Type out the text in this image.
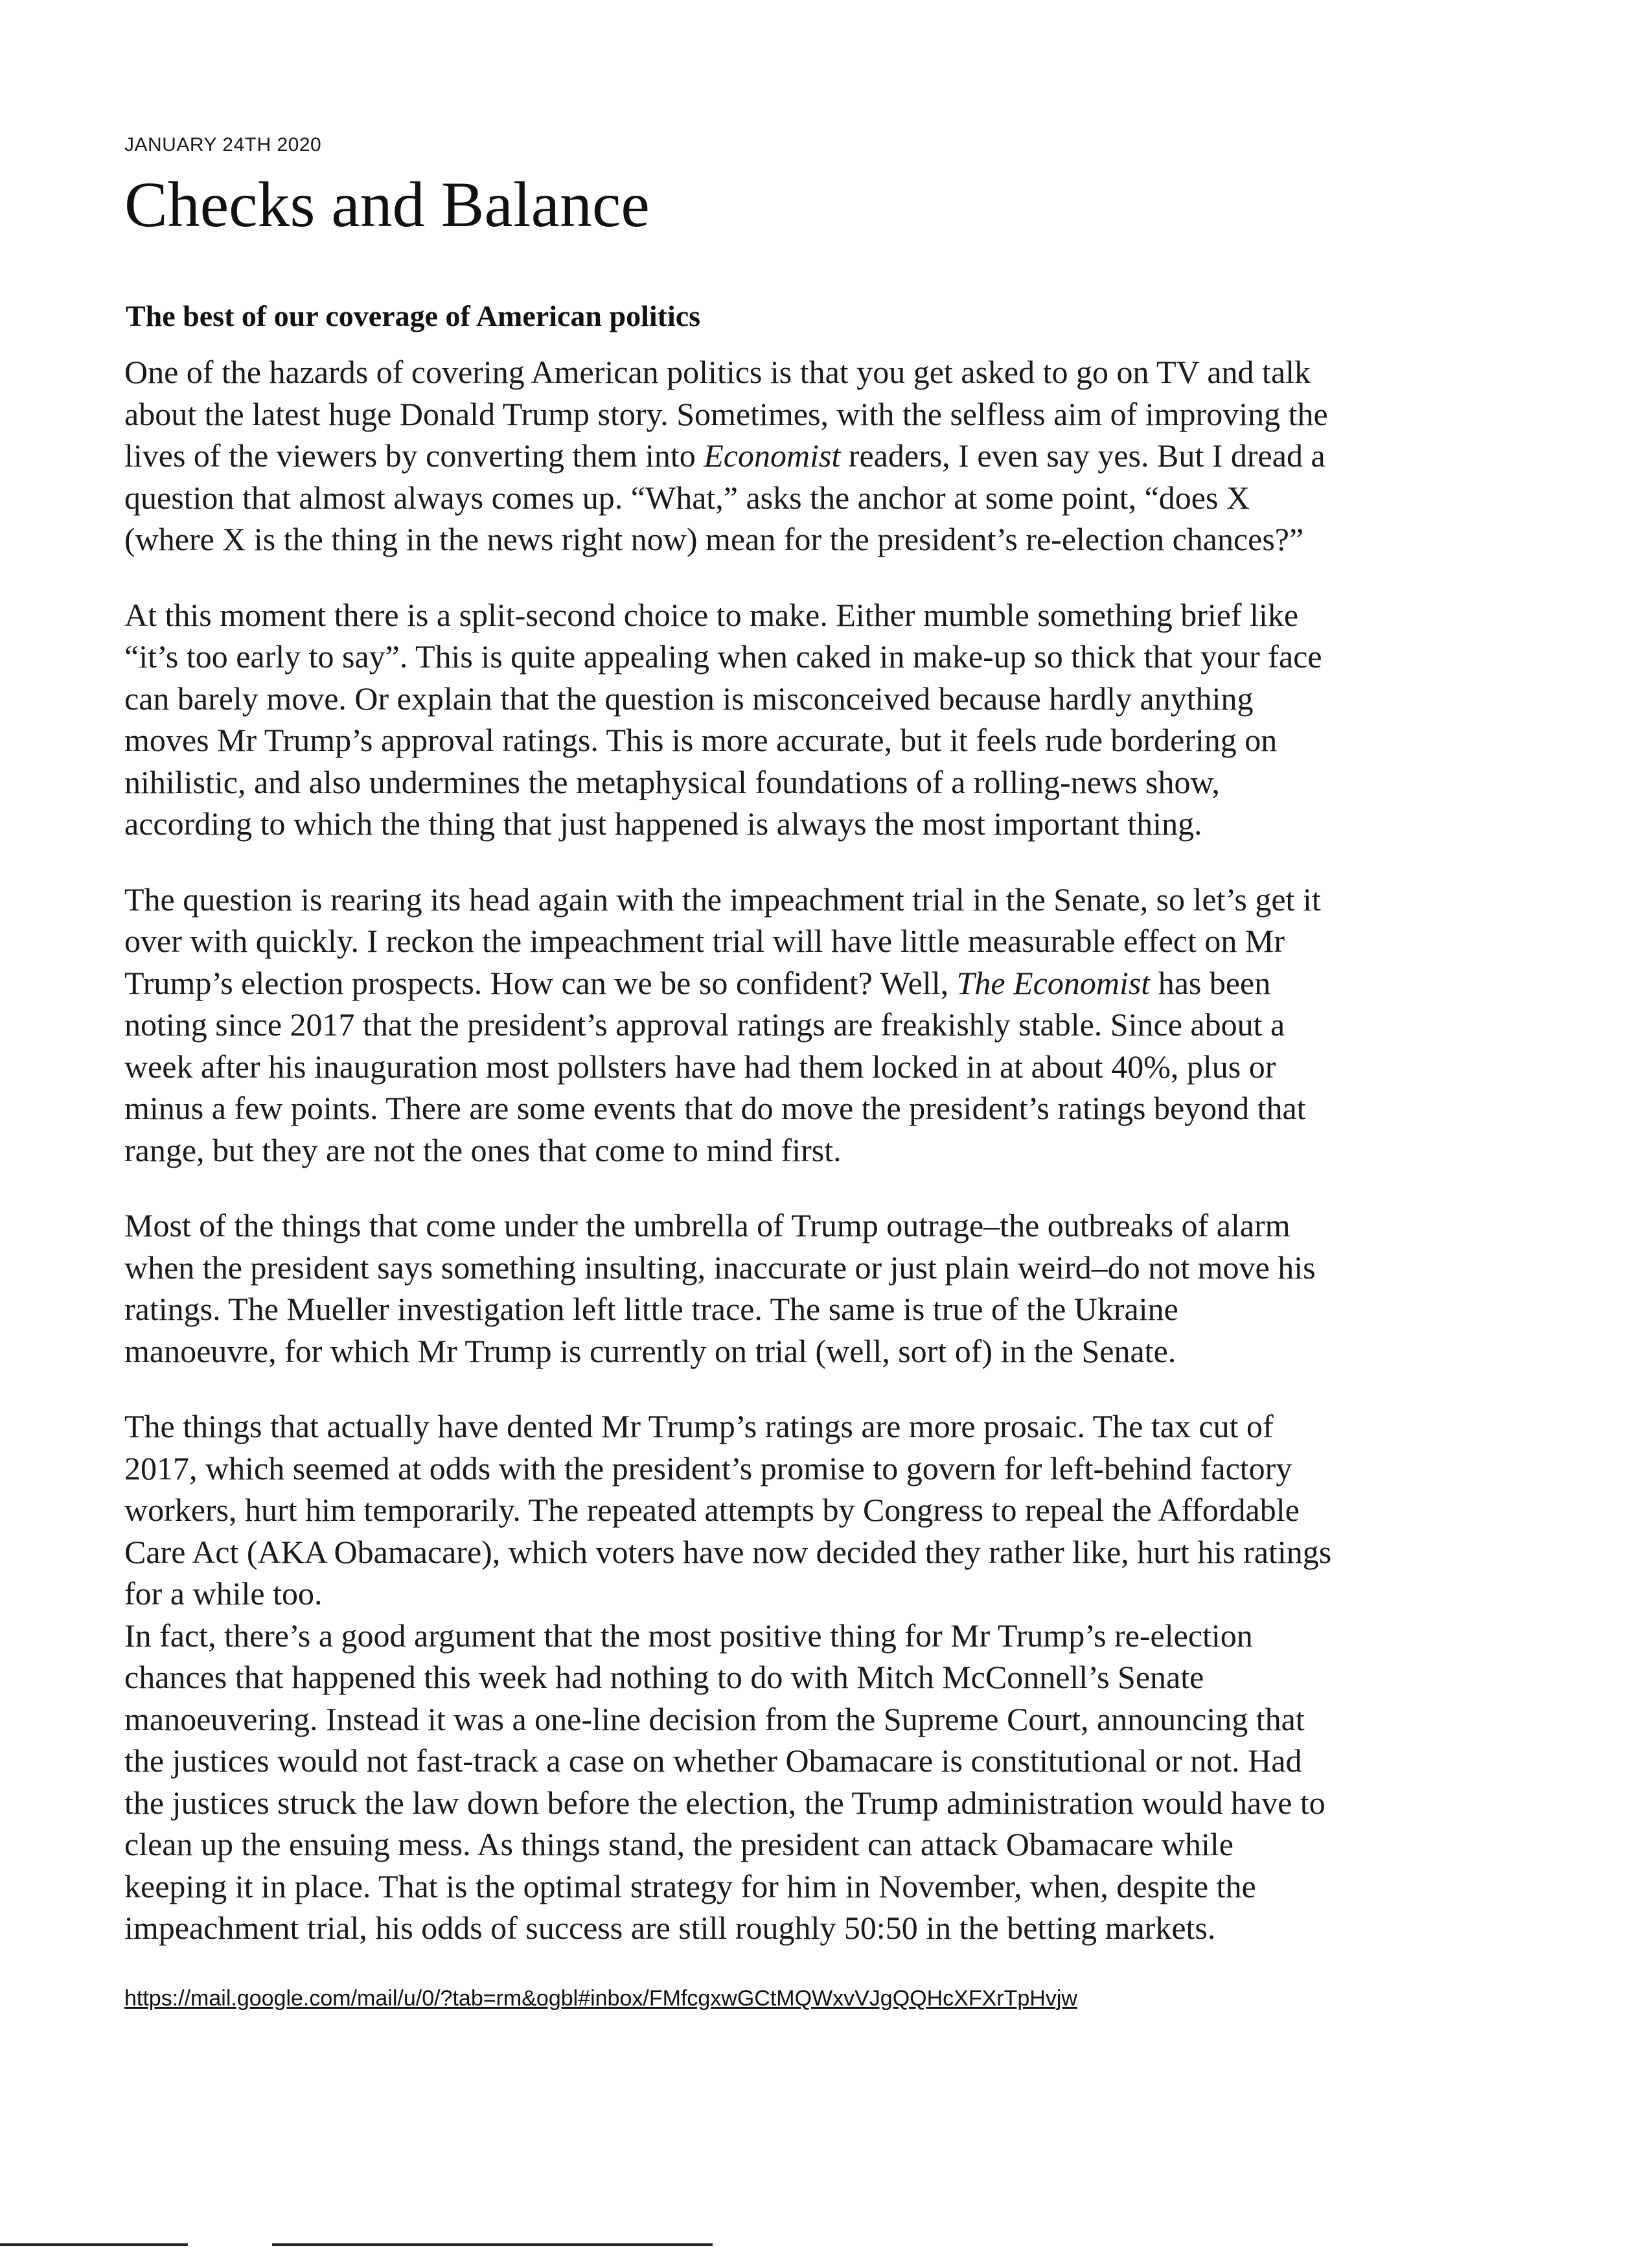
JANUARY 24TH 2020

Checks and Balance
The best of our coverage of American politics

One of the hazards of covering American politics is that you get asked to go on TV and talk
about the latest huge Donald Trump story. Sometimes, with the selfless aim of improving the
lives of the viewers by converting them into Economist readers, I even say yes. But I dread a
question that almost always comes up. “What,” asks the anchor at some point, “does X
(where X is the thing in the news right now) mean for the president’s re-election chances?”

At this moment there is a split-second choice to make. Either mumble something brief like
“it’s too early to say”. This is quite appealing when caked in make-up so thick that your face
can barely move. Or explain that the question is misconceived because hardly anything
moves Mr Trump’s approval ratings. This is more accurate, but it feels rude bordering on
nihilistic, and also undermines the metaphysical foundations of a rolling-news show,
according to which the thing that just happened is always the most important thing.

The question is rearing its head again with the impeachment trial in the Senate, so let’s get it
over with quickly. I reckon the impeachment trial will have little measurable effect on Mr
Trump’s election prospects. How can we be so confident? Well, The Economist has been
noting since 2017 that the president’s approval ratings are freakishly stable. Since about a
week after his inauguration most pollsters have had them locked in at about 40%, plus or
minus a few points. There are some events that do move the president’s ratings beyond that
range, but they are not the ones that come to mind first.

Most of the things that come under the umbrella of Trump outrage–the outbreaks of alarm
when the president says something insulting, inaccurate or just plain weird–do not move his
ratings. The Mueller investigation left little trace. The same is true of the Ukraine
manoeuvre, for which Mr Trump is currently on trial (well, sort of) in the Senate.

The things that actually have dented Mr Trump’s ratings are more prosaic. The tax cut of
2017, which seemed at odds with the president’s promise to govern for left-behind factory
workers, hurt him temporarily. The repeated attempts by Congress to repeal the Affordable
Care Act (AKA Obamacare), which voters have now decided they rather like, hurt his ratings
for a while too.

In fact, there’s a good argument that the most positive thing for Mr Trump’s re-election
chances that happened this week had nothing to do with Mitch McConnell’s Senate
manoeuvering. Instead it was a one-line decision from the Supreme Court, announcing that
the justices would not fast-track a case on whether Obamacare is constitutional or not. Had
the justices struck the law down before the election, the Trump administration would have to
clean up the ensuing mess. As things stand, the president can attack Obamacare while
keeping it in place. That is the optimal strategy for him in November, when, despite the
impeachment trial, his odds of success are still roughly 50:50 in the betting markets.

https://mail.google.com/mail/u/0/?tab=rm&ogbl#inbox/FMfcgxwGCtMQWxvVJgQQHcXFXrTpHvjw
